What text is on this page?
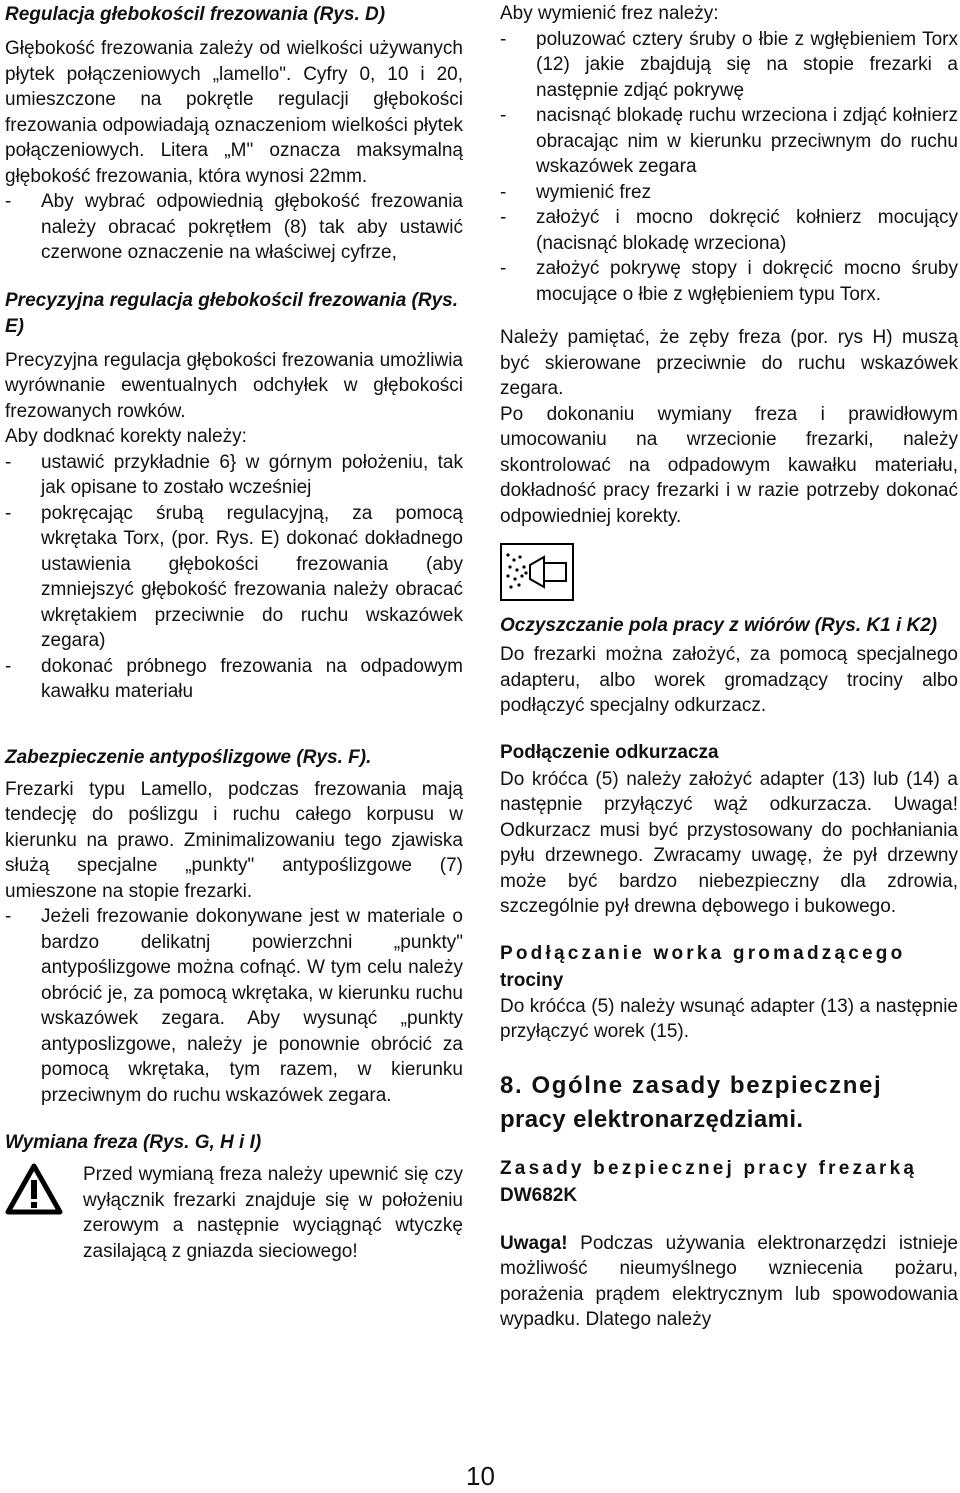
Regulacja głebokościl frezowania (Rys. D)

Głębokość frezowania zależy od wielkości używanych płytek połączeniowych „lamello". Cyfry 0, 10 i 20, umieszczone na pokrętle regulacji głębokości frezowania odpowiadają oznaczeniom wielkości płytek połączeniowych. Litera „M" oznacza maksymalną głębokość frezowania, która wynosi 22mm.

-	Aby wybrać odpowiednią głębokość frezowania należy obracać pokrętłem (8) tak aby ustawić czerwone oznaczenie na właściwej cyfrze,
Precyzyjna regulacja głebokościl frezowania (Rys. E)

Precyzyjna regulacja głębokości frezowania umożliwia wyrównanie ewentualnych odchyłek w głębokości frezowanych rowków.

Aby dodknać korekty należy:

-	ustawić przykładnie 6} w górnym położeniu, tak jak opisane to zostało wcześniej
-	pokręcając śrubą regulacyjną, za pomocą wkrętaka Torx, (por. Rys. E) dokonać dokładnego ustawienia głębokości frezowania (aby zmniejszyć głębokość frezowania należy obracać wkrętakiem przeciwnie do ruchu wskazówek zegara)
-	dokonać próbnego frezowania na odpadowym kawałku materiału
Zabezpieczenie antypoślizgowe (Rys. F).

Frezarki typu Lamello, podczas frezowania mają tendecję do poślizgu i ruchu całego korpusu w kierunku na prawo. Zminimalizowaniu tego zjawiska służą specjalne „punkty" antypoślizgowe (7) umieszone na stopie frezarki.

-	Jeżeli frezowanie dokonywane jest w materiale o bardzo delikatnj powierzchni „punkty" antypoślizgowe można cofnąć. W tym celu należy obrócić je, za pomocą wkrętaka, w kierunku ruchu wskazówek zegara. Aby wysunąć „punkty antyposlizgowe, należy je ponownie obrócić za pomocą wkrętaka, tym razem, w kierunku przeciwnym do ruchu wskazówek zegara.
Wymiana freza (Rys. G, H i I)
Przed wymianą freza należy upewnić się czy wyłącznik frezarki znajduje się w położeniu zerowym a następnie wyciągnąć wtyczkę zasilającą z gniazda sieciowego!

Aby wymienić frez należy:

-	poluzować cztery śruby o łbie z wgłębieniem Torx (12) jakie zbajdują się na stopie frezarki a następnie zdjąć pokrywę
-	nacisnąć blokadę ruchu wrzeciona i zdjąć kołnierz obracając nim w kierunku przeciwnym do ruchu wskazówek zegara
-	wymienić frez
-	założyć i mocno dokręcić kołnierz mocujący (nacisnąć blokadę wrzeciona)
-	założyć pokrywę stopy i dokręcić mocno śruby mocujące o łbie z wgłębieniem typu Torx.

Należy pamiętać, że zęby freza (por. rys H) muszą być skierowane przeciwnie do ruchu wskazówek zegara.

Po dokonaniu wymiany freza i prawidłowym umocowaniu na wrzecionie frezarki, należy skontrolować na odpadowym kawałku materiału, dokładność pracy frezarki i w razie potrzeby dokonać odpowiedniej korekty.

Oczyszczanie pola pracy z wiórów (Rys. K1 i K2)

Do frezarki można założyć, za pomocą specjalnego adapteru, albo worek gromadzący trociny albo podłączyć specjalny odkurzacz.

Podłączenie odkurzacza

Do króćca (5) należy założyć adapter (13) lub (14) a następnie przyłączyć wąż odkurzacza. Uwaga! Odkurzacz musi być przystosowany do pochłaniania pyłu drzewnego. Zwracamy uwagę, że pył drzewny może być bardzo niebezpieczny dla zdrowia, szczególnie pył drewna dębowego i bukowego.

Podłączanie worka gromadzącego
trociny

Do króćca (5) należy wsunąć adapter (13) a następnie przyłączyć worek (15).

8. Ogólne zasady bezpiecznej
pracy elektronarzędziami.
Zasady bezpiecznej pracy frezarką
DW682K

Uwaga! Podczas używania elektronarzędzi istnieje możliwość nieumyślnego wzniecenia pożaru, porażenia prądem elektrycznym lub spowodowania wypadku. Dlatego należy

10
